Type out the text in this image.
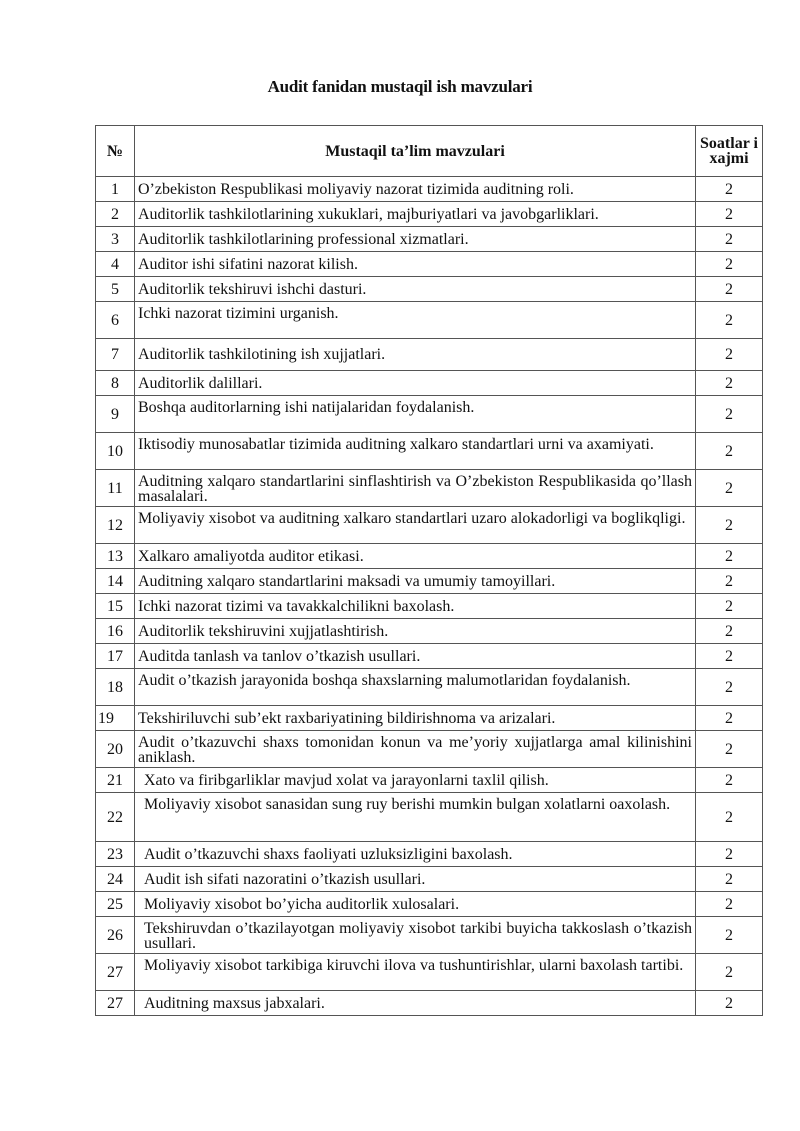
Audit fanidan mustaqil ish mavzulari
№	Mustaqil ta’lim mavzulari	Soatlar i xajmi
1	O’zbekiston Respublikasi moliyaviy nazorat tizimida auditning roli.	2
2	Auditorlik tashkilotlarining xukuklari, majburiyatlari va javobgarliklari.	2
3	Auditorlik tashkilotlarining professional xizmatlari.	2
4	Auditor ishi sifatini nazorat kilish.	2
5	Auditorlik tekshiruvi ishchi dasturi.	2
6	Ichki nazorat tizimini urganish.	2
7	Auditorlik tashkilotining ish xujjatlari.	2
8	Auditorlik dalillari.	2
9	Boshqa auditorlarning ishi natijalaridan foydalanish.	2
10	Iktisodiy munosabatlar tizimida auditning xalkaro standartlari urni va axamiyati.	2
11	Auditning xalqaro standartlarini sinflashtirish va O’zbekiston Respublikasida qo’llash masalalari.	2
12	Moliyaviy xisobot va auditning xalkaro standartlari uzaro alokadorligi va boglikqligi.	2
13	Xalkaro amaliyotda auditor etikasi.	2
14	Auditning xalqaro standartlarini maksadi va umumiy tamoyillari.	2
15	Ichki nazorat tizimi va tavakkalchilikni baxolash.	2
16	Auditorlik tekshiruvini xujjatlashtirish.	2
17	Auditda tanlash va tanlov o’tkazish usullari.	2
18	Audit o’tkazish jarayonida boshqa shaxslarning malumotlaridan foydalanish.	2
19	Tekshiriluvchi sub’ekt raxbariyatining bildirishnoma va arizalari.	2
20	Audit o’tkazuvchi shaxs tomonidan konun va me’yoriy xujjatlarga amal kilinishini aniklash.	2
21	Xato va firibgarliklar mavjud xolat va jarayonlarni taxlil qilish.	2
22	Moliyaviy xisobot sanasidan sung ruy berishi mumkin bulgan xolatlarni oaxolash.	2
23	Audit o’tkazuvchi shaxs faoliyati uzluksizligini baxolash.	2
24	Audit ish sifati nazoratini o’tkazish usullari.	2
25	Moliyaviy xisobot bo’yicha auditorlik xulosalari.	2
26	Tekshiruvdan o’tkazilayotgan moliyaviy xisobot tarkibi buyicha takkoslash o’tkazish usullari.	2
27	Moliyaviy xisobot tarkibiga kiruvchi ilova va tushuntirishlar, ularni baxolash tartibi.	2
27	Auditning maxsus jabxalari.	2
